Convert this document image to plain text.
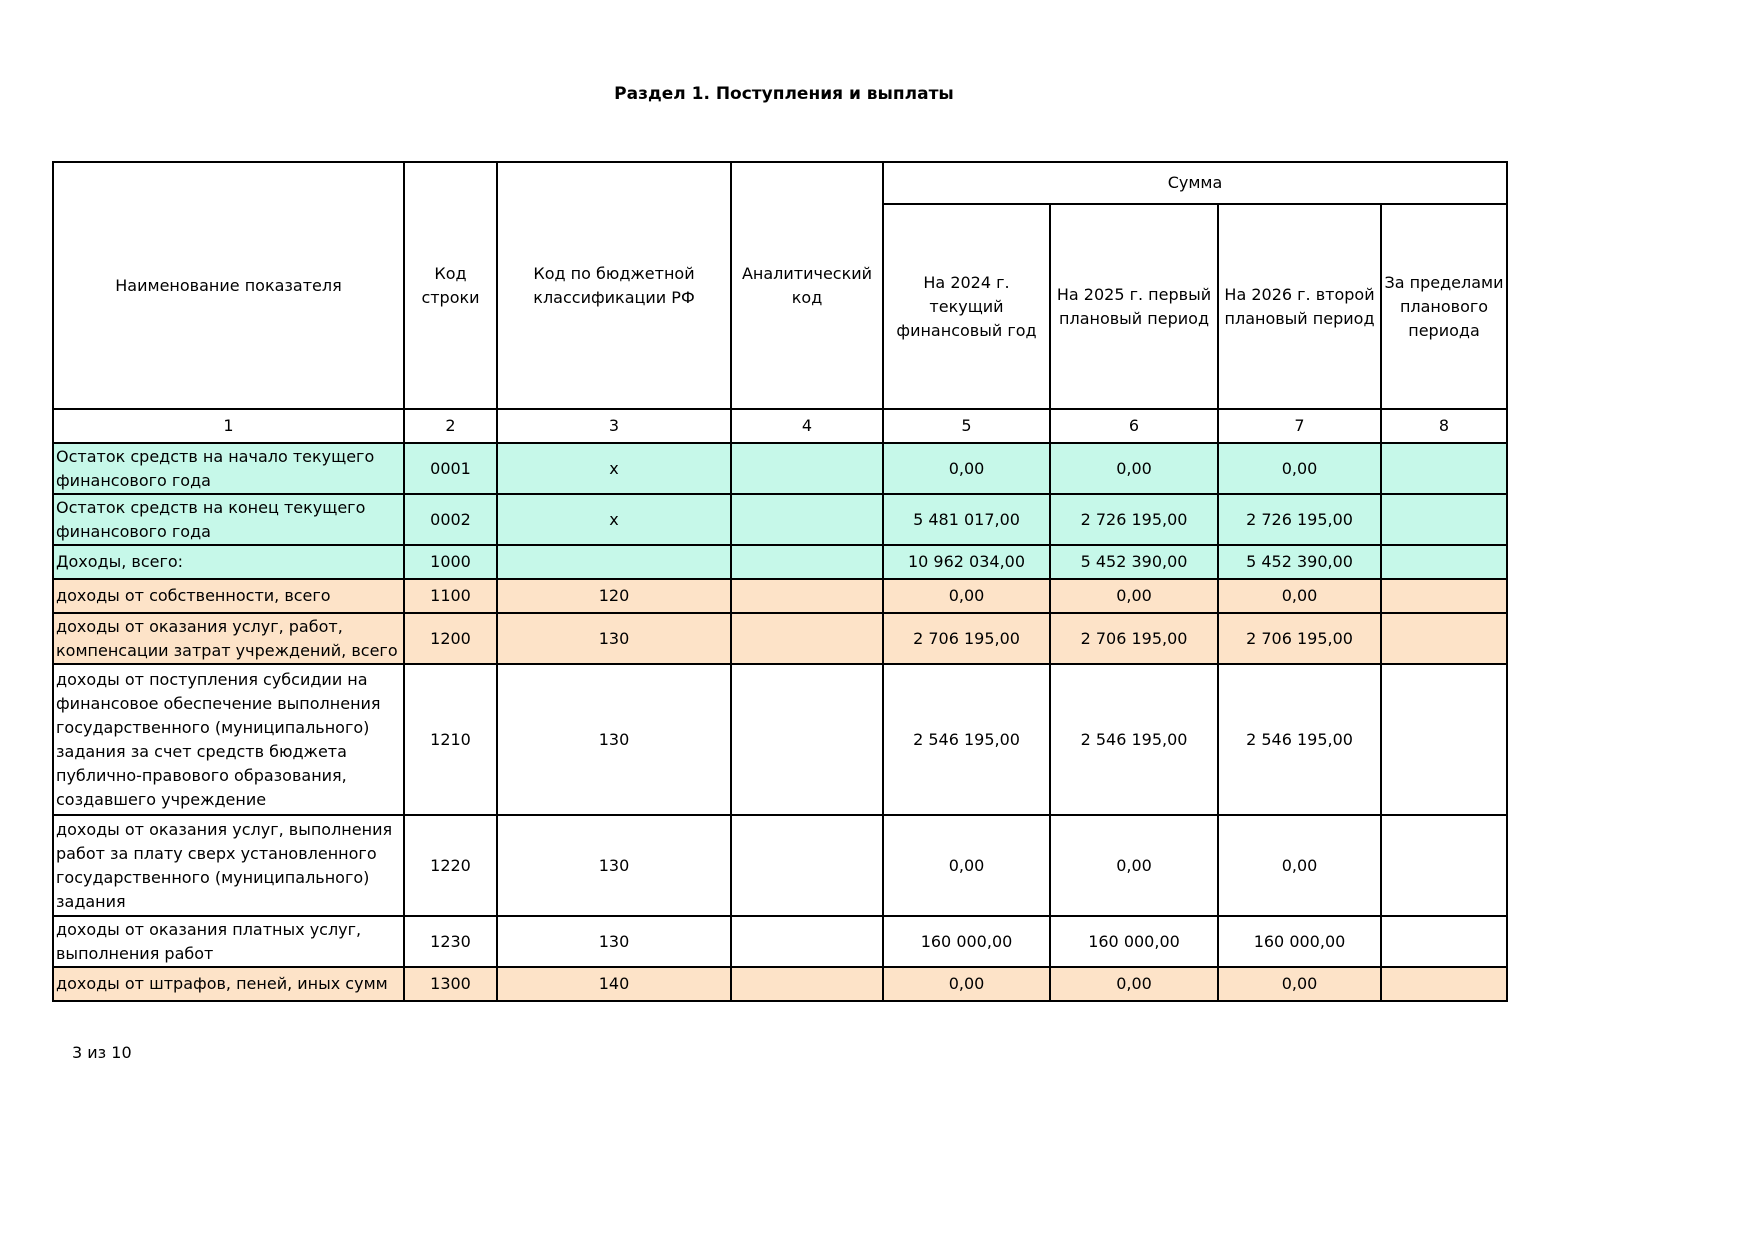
Раздел 1. Поступления и выплаты
Наименование показателя	Код строки	Код по бюджетной классификации РФ	Аналитический код	Сумма			
				На 2024 г. текущий финансовый год	На 2025 г. первый плановый период	На 2026 г. второй плановый период	За пределами планового периода
1	2	3	4	5	6	7	8
Остаток средств на начало текущего финансового года	0001	x		0,00	0,00	0,00	
Остаток средств на конец текущего финансового года	0002	x		5 481 017,00	2 726 195,00	2 726 195,00	
Доходы, всего:	1000			10 962 034,00	5 452 390,00	5 452 390,00	
доходы от собственности, всего	1100	120		0,00	0,00	0,00	
доходы от оказания услуг, работ, компенсации затрат учреждений, всего	1200	130		2 706 195,00	2 706 195,00	2 706 195,00	
доходы от поступления субсидии на финансовое обеспечение выполнения государственного (муниципального) задания за счет средств бюджета публично-правового образования, создавшего учреждение	1210	130		2 546 195,00	2 546 195,00	2 546 195,00	
доходы от оказания услуг, выполнения работ за плату сверх установленного государственного (муниципального) задания	1220	130		0,00	0,00	0,00	
доходы от оказания платных услуг, выполнения работ	1230	130		160 000,00	160 000,00	160 000,00	
доходы от штрафов, пеней, иных сумм	1300	140		0,00	0,00	0,00	
3 из 10
